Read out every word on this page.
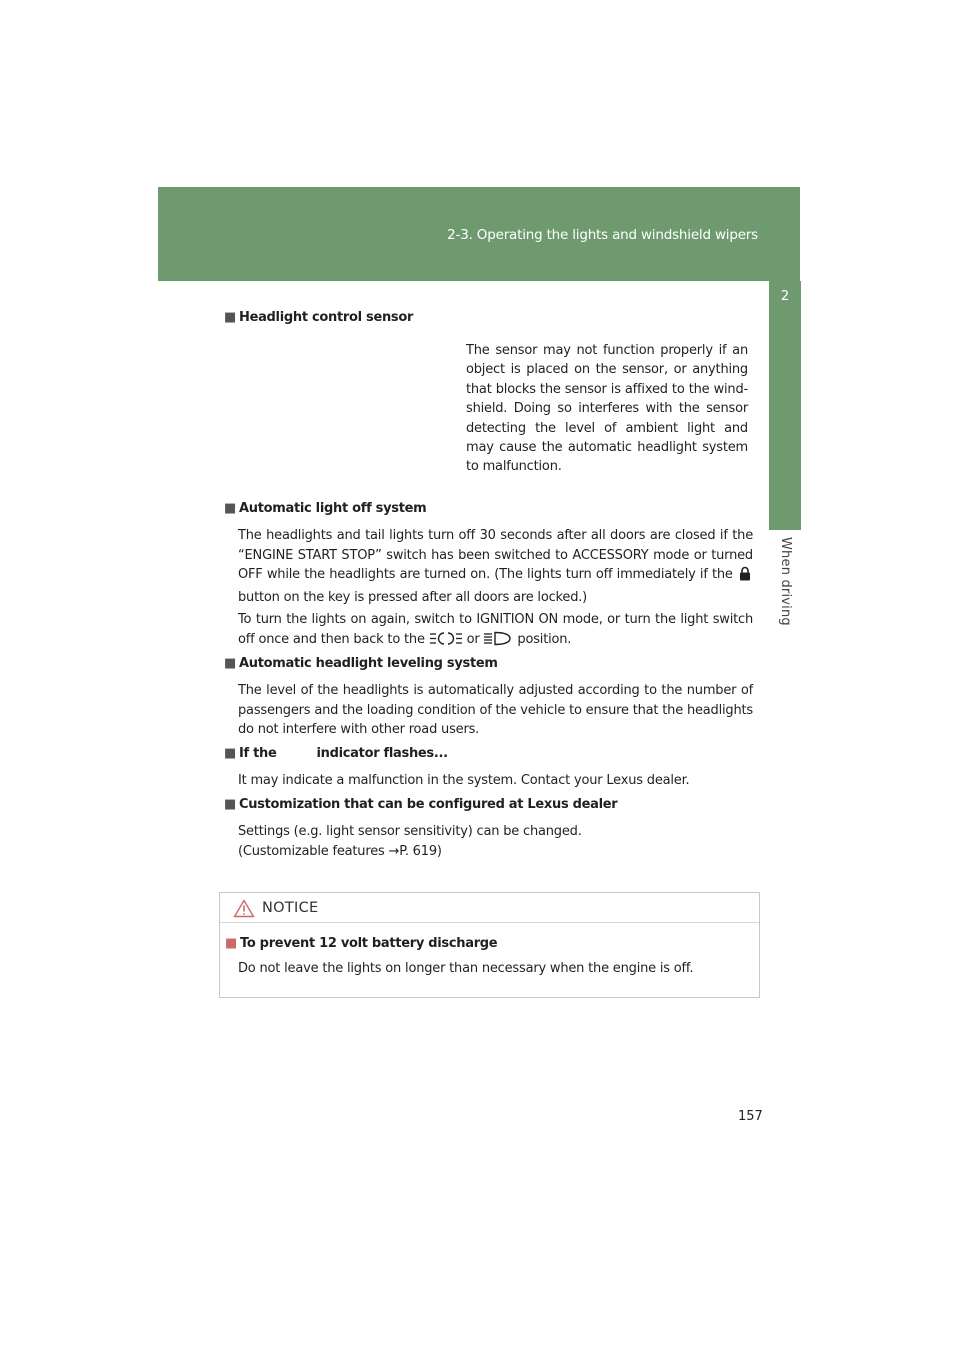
2-3. Operating the lights and windshield wipers
2
When driving
■ Headlight control sensor
The sensor may not function properly if an object is placed on the sensor, or anything that blocks the sensor is affixed to the wind-shield. Doing so interferes with the sensor detecting the level of ambient light and may cause the automatic headlight system to malfunction.
■ Automatic light off system
The headlights and tail lights turn off 30 seconds after all doors are closed if the “ENGINE START STOP” switch has been switched to ACCESSORY mode or turned OFF while the headlights are turned on. (The lights turn off immediately if the  button on the key is pressed after all doors are locked.)
To turn the lights on again, switch to IGNITION ON mode, or turn the light switch off once and then back to the	or	position.
■ Automatic headlight leveling system
The level of the headlights is automatically adjusted according to the number of passengers and the loading condition of the vehicle to ensure that the headlights do not interfere with other road users.
■ If the	indicator flashes...
It may indicate a malfunction in the system. Contact your Lexus dealer.
■ Customization that can be configured at Lexus dealer
Settings (e.g. light sensor sensitivity) can be changed.
(Customizable features →P. 619)
NOTICE
■ To prevent 12 volt battery discharge
Do not leave the lights on longer than necessary when the engine is off.
157
